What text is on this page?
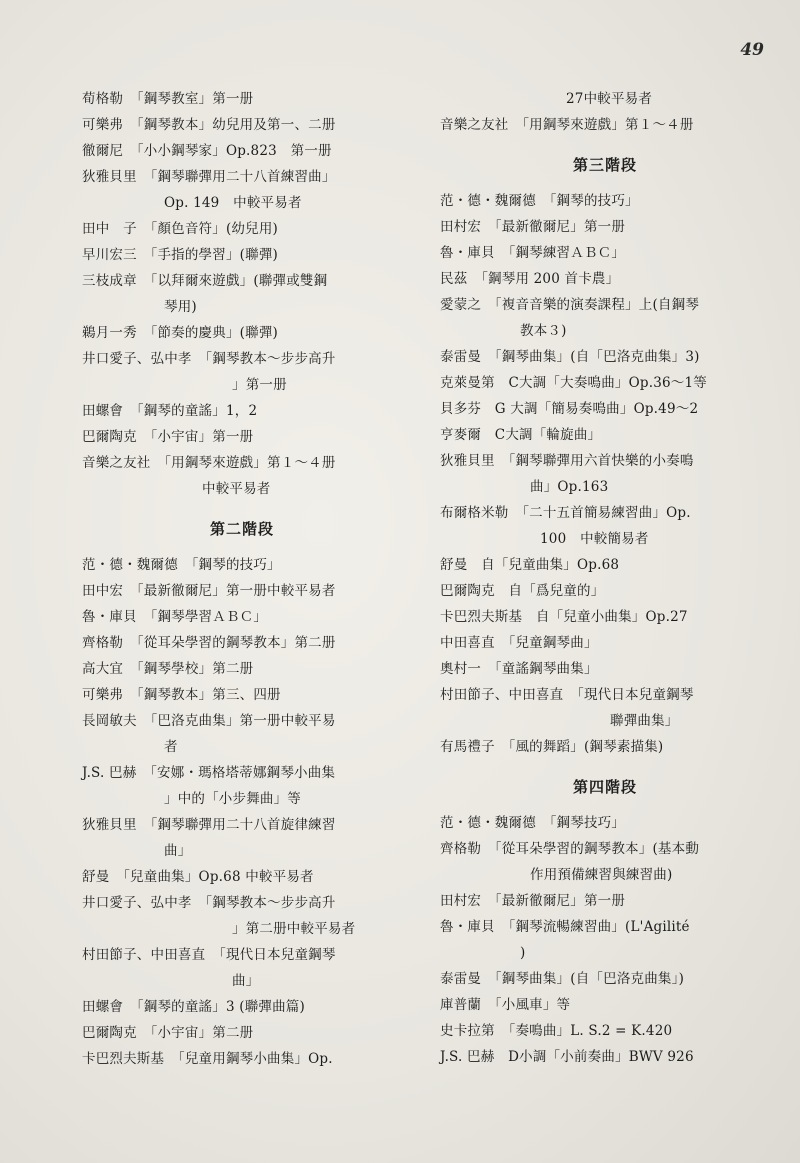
49
荀格勒　「鋼琴教室」第一册
可樂弗　「鋼琴教本」幼兒用及第一、二册
徹爾尼　「小小鋼琴家」Op.823　第一册
狄雅貝里　「鋼琴聯彈用二十八首練習曲」
Op. 149　中較平易者
田中　子　「顏色音符」(幼兒用)
早川宏三　「手指的學習」(聯彈)
三枝成章　「以拜爾來遊戲」(聯彈或雙鋼
琴用)
鵜月一秀　「節奏的慶典」(聯彈)
井口愛子、弘中孝　「鋼琴教本～步步高升
」第一册
田螺會　「鋼琴的童謠」1，2
巴爾陶克　「小宇宙」第一册
音樂之友社　「用鋼琴來遊戲」第１～４册
中較平易者
第二階段
范・德・魏爾德　「鋼琴的技巧」
田中宏　「最新徹爾尼」第一册中較平易者
魯・庫貝　「鋼琴學習ＡＢＣ」
齊格勒　「從耳朵學習的鋼琴教本」第二册
高大宜　「鋼琴學校」第二册
可樂弗　「鋼琴教本」第三、四册
長岡敏夫　「巴洛克曲集」第一册中較平易
者
J.S. 巴赫　「安娜・瑪格塔蒂娜鋼琴小曲集
」中的「小步舞曲」等
狄雅貝里　「鋼琴聯彈用二十八首旋律練習
曲」
舒曼　「兒童曲集」Op.68 中較平易者
井口愛子、弘中孝　「鋼琴教本～步步高升
」第二册中較平易者
村田節子、中田喜直　「現代日本兒童鋼琴
曲」
田螺會　「鋼琴的童謠」3 (聯彈曲篇)
巴爾陶克　「小宇宙」第二册
卡巴烈夫斯基　「兒童用鋼琴小曲集」Op.
27中較平易者
音樂之友社　「用鋼琴來遊戲」第１～４册
第三階段
范・德・魏爾德　「鋼琴的技巧」
田村宏　「最新徹爾尼」第一册
魯・庫貝　「鋼琴練習ＡＢＣ」
民茲　「鋼琴用 200 首卡農」
愛蒙之　「複音音樂的演奏課程」上(自鋼琴
教本３)
泰雷曼　「鋼琴曲集」(自「巴洛克曲集」3)
克萊曼第　C大調「大奏鳴曲」Op.36～1等
貝多芬　G 大調「簡易奏鳴曲」Op.49～2
亨麥爾　C大調「輪旋曲」
狄雅貝里　「鋼琴聯彈用六首快樂的小奏鳴
曲」Op.163
布爾格米勒　「二十五首簡易練習曲」Op.
100　中較簡易者
舒曼　自「兒童曲集」Op.68
巴爾陶克　自「爲兒童的」
卡巴烈夫斯基　自「兒童小曲集」Op.27
中田喜直　「兒童鋼琴曲」
奧村一　「童謠鋼琴曲集」
村田節子、中田喜直　「現代日本兒童鋼琴
聯彈曲集」
有馬禮子　「風的舞蹈」(鋼琴素描集)
第四階段
范・德・魏爾德　「鋼琴技巧」
齊格勒　「從耳朵學習的鋼琴教本」(基本動
作用預備練習與練習曲)
田村宏　「最新徹爾尼」第一册
魯・庫貝　「鋼琴流暢練習曲」(L'Agilité
)
泰雷曼　「鋼琴曲集」(自「巴洛克曲集」)
庫普蘭　「小風車」等
史卡拉第　「奏鳴曲」L. S.2 = K.420
J.S. 巴赫　D小調「小前奏曲」BWV 926
